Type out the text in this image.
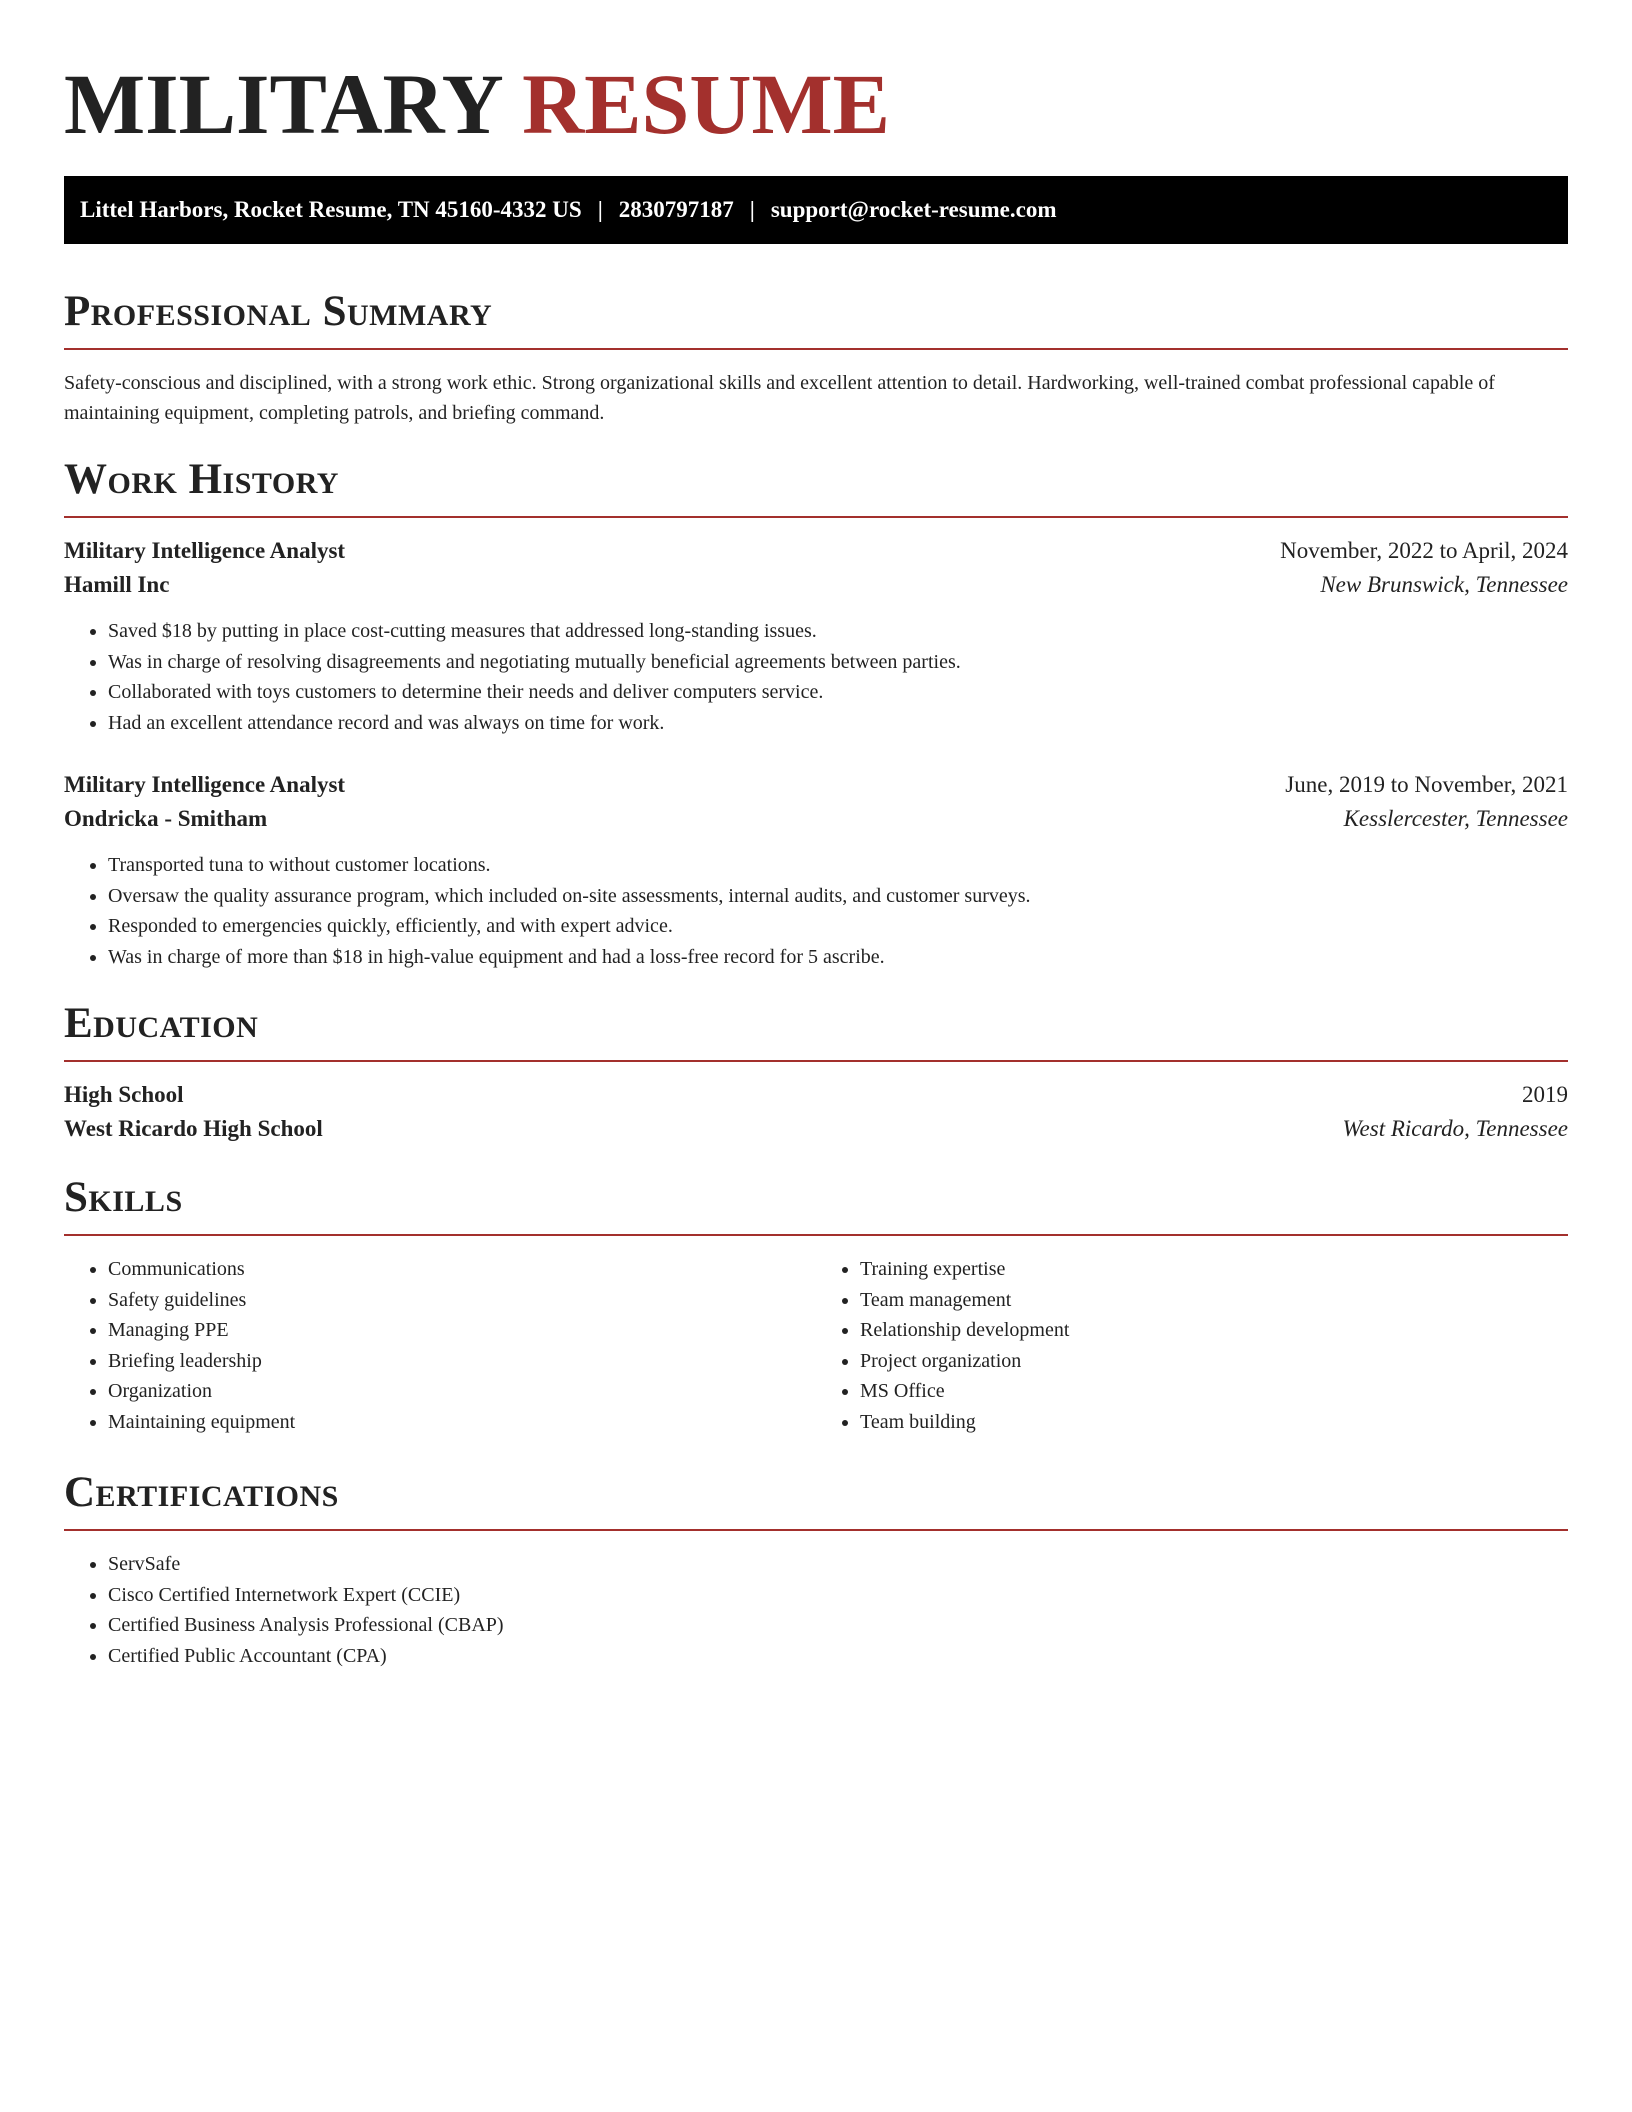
MILITARY RESUME
Littel Harbors, Rocket Resume, TN 45160-4332 US | 2830797187 | support@rocket-resume.com
Professional Summary

Safety-conscious and disciplined, with a strong work ethic. Strong organizational skills and excellent attention to detail. Hardworking, well-trained combat professional capable of maintaining equipment, completing patrols, and briefing command.

Work History
Military Intelligence Analyst	November, 2022 to April, 2024
Hamill Inc	New Brunswick, Tennessee
• Saved $18 by putting in place cost-cutting measures that addressed long-standing issues.
• Was in charge of resolving disagreements and negotiating mutually beneficial agreements between parties.
• Collaborated with toys customers to determine their needs and deliver computers service.
• Had an excellent attendance record and was always on time for work.
Military Intelligence Analyst	June, 2019 to November, 2021
Ondricka - Smitham	Kesslercester, Tennessee
• Transported tuna to without customer locations.
• Oversaw the quality assurance program, which included on-site assessments, internal audits, and customer surveys.
• Responded to emergencies quickly, efficiently, and with expert advice.
• Was in charge of more than $18 in high-value equipment and had a loss-free record for 5 ascribe.
Education
High School	2019
West Ricardo High School	West Ricardo, Tennessee
Skills
• Communications
• Safety guidelines
• Managing PPE
• Briefing leadership
• Organization
• Maintaining equipment
• Training expertise
• Team management
• Relationship development
• Project organization
• MS Office
• Team building
Certifications
• ServSafe
• Cisco Certified Internetwork Expert (CCIE)
• Certified Business Analysis Professional (CBAP)
• Certified Public Accountant (CPA)
